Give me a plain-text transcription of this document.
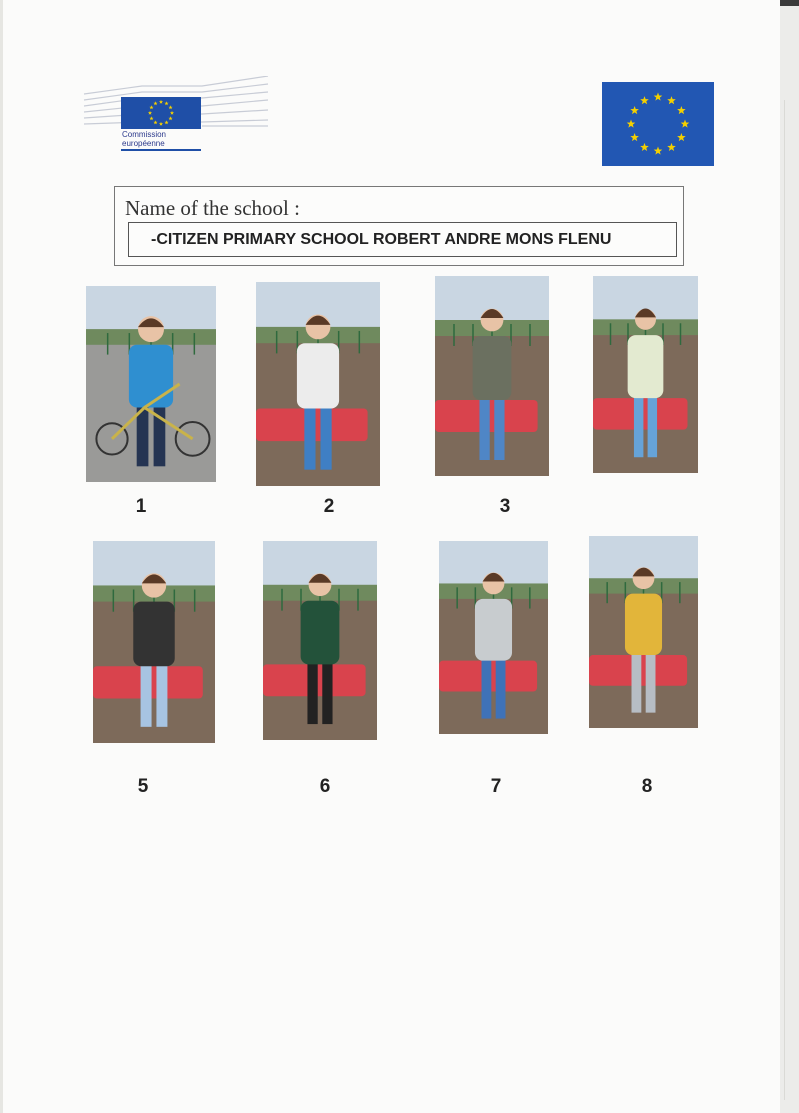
Commission
européenne
Name of the school :
-CITIZEN PRIMARY SCHOOL ROBERT ANDRE MONS FLENU
1	2	3
5	6	7	8
